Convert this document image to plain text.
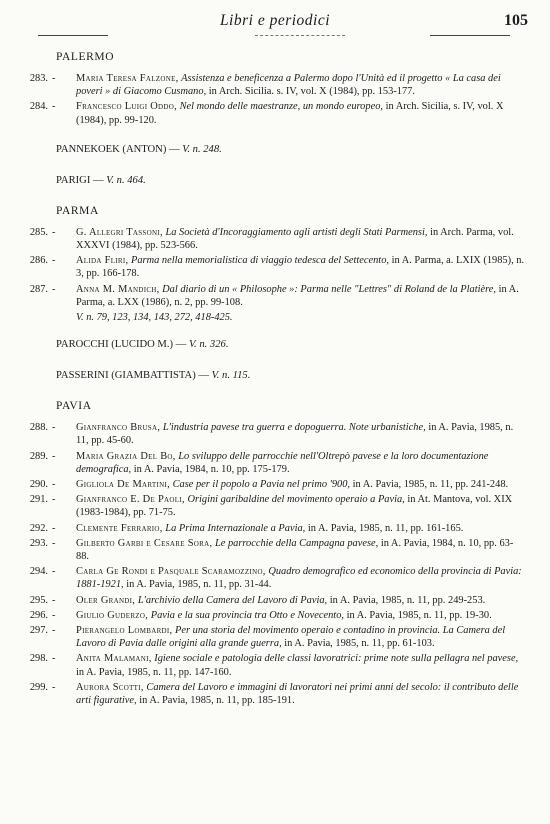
Libri e periodici	105
PALERMO
283. - Maria Teresa Falzone, Assistenza e beneficenza a Palermo dopo l'Unità ed il progetto « La casa dei poveri » di Giacomo Cusmano, in Arch. Sicilia. s. IV, vol. X (1984), pp. 153-177.
284. - Francesco Luigi Oddo, Nel mondo delle maestranze, un mondo europeo, in Arch. Sicilia, s. IV, vol. X (1984), pp. 99-120.
PANNEKOEK (ANTON) — V. n. 248.
PARIGI — V. n. 464.
PARMA
285. - G. Allegri Tassoni, La Società d'Incoraggiamento agli artisti degli Stati Parmensi, in Arch. Parma, vol. XXXVI (1984), pp. 523-566.
286. - Alida Fliri, Parma nella memorialistica di viaggio tedesca del Settecento, in A. Parma, a. LXIX (1985), n. 3, pp. 166-178.
287. - Anna M. Mandich, Dal diario di un « Philosophe »: Parma nelle "Lettres" di Roland de la Platière, in A. Parma, a. LXX (1986), n. 2, pp. 99-108.
V. n. 79, 123, 134, 143, 272, 418-425.
PAROCCHI (LUCIDO M.) — V. n. 326.
PASSERINI (GIAMBATTISTA) — V. n. 115.
PAVIA
288. - Gianfranco Brusa, L'industria pavese tra guerra e dopoguerra. Note urbanistiche, in A. Pavia, 1985, n. 11, pp. 45-60.
289. - Maria Grazia Del Bo, Lo sviluppo delle parrocchie nell'Oltrepò pavese e la loro documentazione demografica, in A. Pavia, 1984, n. 10, pp. 175-179.
290. - Gigliola De Martini, Case per il popolo a Pavia nel primo '900, in A. Pavia, 1985, n. 11, pp. 241-248.
291. - Gianfranco E. De Paoli, Origini garibaldine del movimento operaio a Pavia, in At. Mantova, vol. XIX (1983-1984), pp. 71-75.
292. - Clemente Ferrario, La Prima Internazionale a Pavia, in A. Pavia, 1985, n. 11, pp. 161-165.
293. - Gilberto Garbi e Cesare Sora, Le parrocchie della Campagna pavese, in A. Pavia, 1984, n. 10, pp. 63-88.
294. - Carla Ge Rondi e Pasquale Scaramozzino, Quadro demografico ed economico della provincia di Pavia: 1881-1921, in A. Pavia, 1985, n. 11, pp. 31-44.
295. - Oler Grandi, L'archivio della Camera del Lavoro di Pavia, in A. Pavia, 1985, n. 11, pp. 249-253.
296. - Giulio Guderzo, Pavia e la sua provincia tra Otto e Novecento, in A. Pavia, 1985, n. 11, pp. 19-30.
297. - Pierangelo Lombardi, Per una storia del movimento operaio e contadino in provincia. La Camera del Lavoro di Pavia dalle origini alla grande guerra, in A. Pavia, 1985, n. 11, pp. 61-103.
298. - Anita Malamani, Igiene sociale e patologia delle classi lavoratrici: prime note sulla pellagra nel pavese, in A. Pavia, 1985, n. 11, pp. 147-160.
299. - Aurora Scotti, Camera del Lavoro e immagini di lavoratori nei primi anni del secolo: il contributo delle arti figurative, in A. Pavia, 1985, n. 11, pp. 185-191.
